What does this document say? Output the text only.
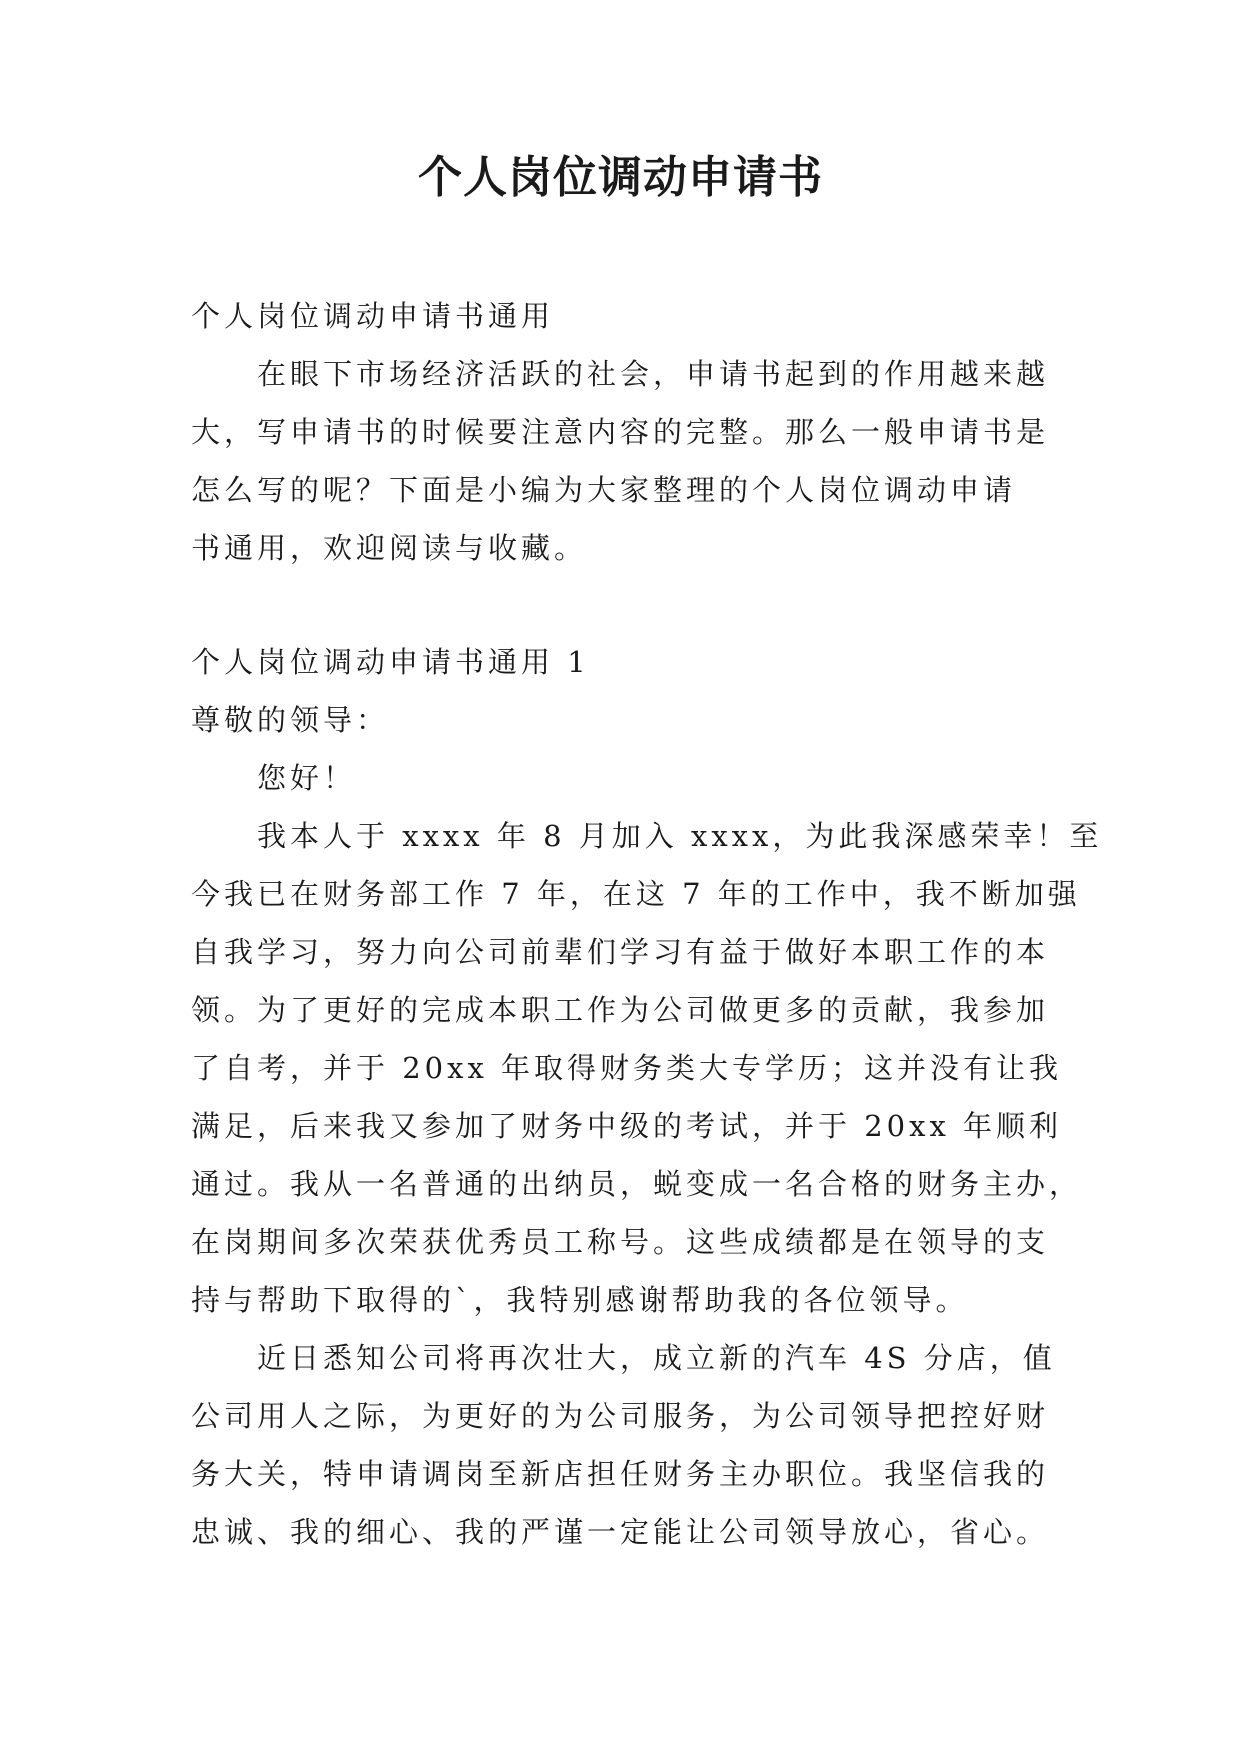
个人岗位调动申请书

个人岗位调动申请书通用

在眼下市场经济活跃的社会，申请书起到的作用越来越

大，写申请书的时候要注意内容的完整。那么一般申请书是

怎么写的呢？下面是小编为大家整理的个人岗位调动申请

书通用，欢迎阅读与收藏。

个人岗位调动申请书通用 1

尊敬的领导：

您好！

我本人于 xxxx 年 8 月加入 xxxx，为此我深感荣幸！至

今我已在财务部工作 7 年，在这 7 年的工作中，我不断加强

自我学习，努力向公司前辈们学习有益于做好本职工作的本

领。为了更好的完成本职工作为公司做更多的贡献，我参加

了自考，并于 20xx 年取得财务类大专学历；这并没有让我

满足，后来我又参加了财务中级的考试，并于 20xx 年顺利

通过。我从一名普通的出纳员，蜕变成一名合格的财务主办，

在岗期间多次荣获优秀员工称号。这些成绩都是在领导的支

持与帮助下取得的`，我特别感谢帮助我的各位领导。

近日悉知公司将再次壮大，成立新的汽车 4S 分店，值

公司用人之际，为更好的为公司服务，为公司领导把控好财

务大关，特申请调岗至新店担任财务主办职位。我坚信我的

忠诚、我的细心、我的严谨一定能让公司领导放心，省心。
